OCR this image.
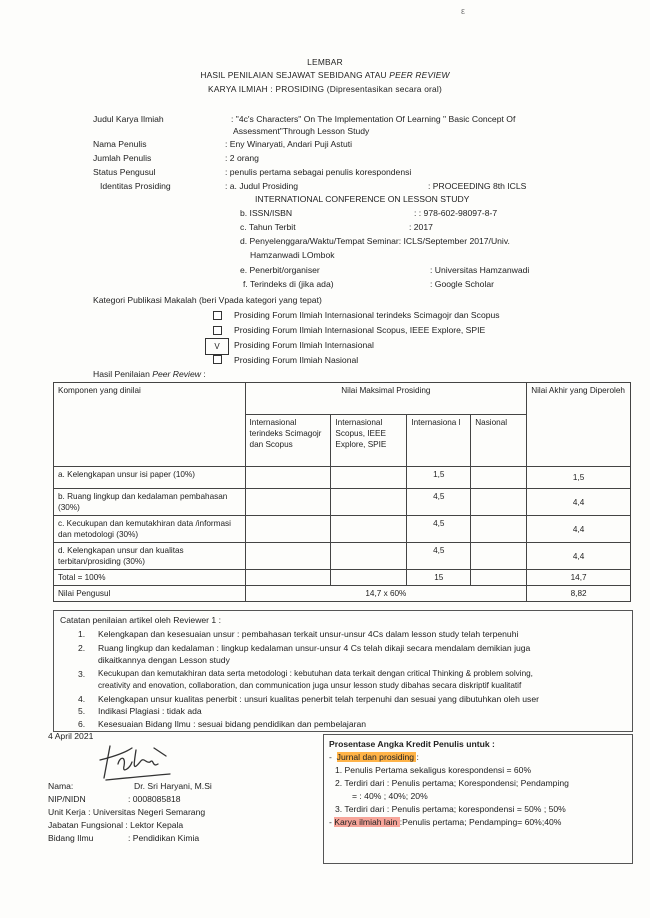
ε
LEMBAR
HASIL PENILAIAN SEJAWAT SEBIDANG ATAU PEER REVIEW
KARYA ILMIAH : PROSIDING (Dipresentasikan secara oral)
Judul Karya Ilmiah	: "4c's Characters" On The Implementation Of Learning " Basic Concept Of
Assessment"Through Lesson Study
Nama Penulis	: Eny Winaryati, Andari Puji Astuti
Jumlah Penulis	: 2 orang
Status Pengusul	: penulis pertama sebagai penulis korespondensi
Identitas Prosiding	: a. Judul Prosiding	: PROCEEDING 8th ICLS
INTERNATIONAL CONFERENCE ON LESSON STUDY
b. ISSN/ISBN	: : 978-602-98097-8-7
c. Tahun Terbit	: 2017
d. Penyelenggara/Waktu/Tempat Seminar: ICLS/September 2017/Univ.
Hamzanwadi LOmbok
e. Penerbit/organiser	: Universitas Hamzanwadi
f. Terindeks di (jika ada)	: Google Scholar
Kategori Publikasi Makalah (beri Vpada kategori yang tepat)
Prosiding Forum Ilmiah Internasional terindeks Scimagojr dan Scopus
Prosiding Forum Ilmiah Internasional Scopus, IEEE Explore, SPIE
V	Prosiding Forum Ilmiah Internasional
Prosiding Forum Ilmiah Nasional
Hasil Penilaian Peer Review :
Komponen yang dinilai	Nilai Maksimal Prosiding				Nilai Akhir yang Diperoleh
	Internasional terindeks Scimagojr dan Scopus	Internasional Scopus, IEEE Explore, SPIE	Internasiona l	Nasional	
a. Kelengkapan unsur isi paper (10%)			1,5		1,5
b. Ruang lingkup dan kedalaman pembahasan (30%)			4,5		4,4
c. Kecukupan dan kemutakhiran data /informasi dan metodologi (30%)			4,5		4,4
d. Kelengkapan unsur dan kualitas terbitan/prosiding (30%)			4,5		4,4
Total = 100%			15		14,7
Nilai Pengusul	14,7 x 60%				8,82
Catatan penilaian artikel oleh Reviewer 1 :
1. Kelengkapan dan kesesuaian unsur : pembahasan terkait unsur-unsur 4Cs dalam lesson study telah terpenuhi
2. Ruang lingkup dan kedalaman : lingkup kedalaman unsur-unsur 4 Cs telah dikaji secara mendalam demikian juga
dikaitkannya dengan Lesson study
3. Kecukupan dan kemutakhiran data serta metodologi : kebutuhan data terkait dengan critical Thinking & problem solving,
creativity and enovation, collaboration, dan communication juga unsur lesson study dibahas secara diskriptif kualitatif
4. Kelengkapan unsur kualitas penerbit : unsuri kualitas penerbit telah terpenuhi dan sesuai yang dibutuhkan oleh user
5. Indikasi Plagiasi : tidak ada
6. Kesesuaian Bidang Ilmu : sesuai bidang pendidikan dan pembelajaran
4 April 2021
Nama:	Dr. Sri Haryani, M.Si
NIP/NIDN	: 0008085818
Unit Kerja : Universitas Negeri Semarang
Jabatan Fungsional : Lektor Kepala
Bidang Ilmu	: Pendidikan Kimia
Prosentase Angka Kredit Penulis untuk :
- Jurnal dan prosiding :
1. Penulis Pertama sekaligus korespondensi = 60%
2. Terdiri dari : Penulis pertama; Korespondensi; Pendamping
= : 40% ; 40%; 20%
3. Terdiri dari : Penulis pertama; korespondensi = 50% ; 50%
- Karya ilmiah lain :Penulis pertama; Pendamping= 60%;40%
